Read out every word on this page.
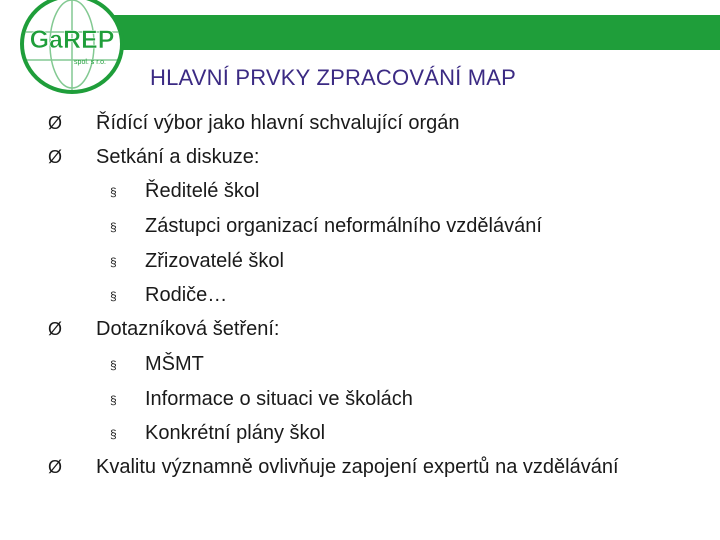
GaREP
spol. s r.o.
HLAVNÍ PRVKY ZPRACOVÁNÍ MAP
Ø Řídící výbor jako hlavní schvalující orgán
Ø Setkání a diskuze:
§ Ředitelé škol
§ Zástupci organizací neformálního vzdělávání
§ Zřizovatelé škol
§ Rodiče…
Ø Dotazníková šetření:
§ MŠMT
§ Informace o situaci ve školách
§ Konkrétní plány škol
Ø Kvalitu významně ovlivňuje zapojení expertů na vzdělávání
